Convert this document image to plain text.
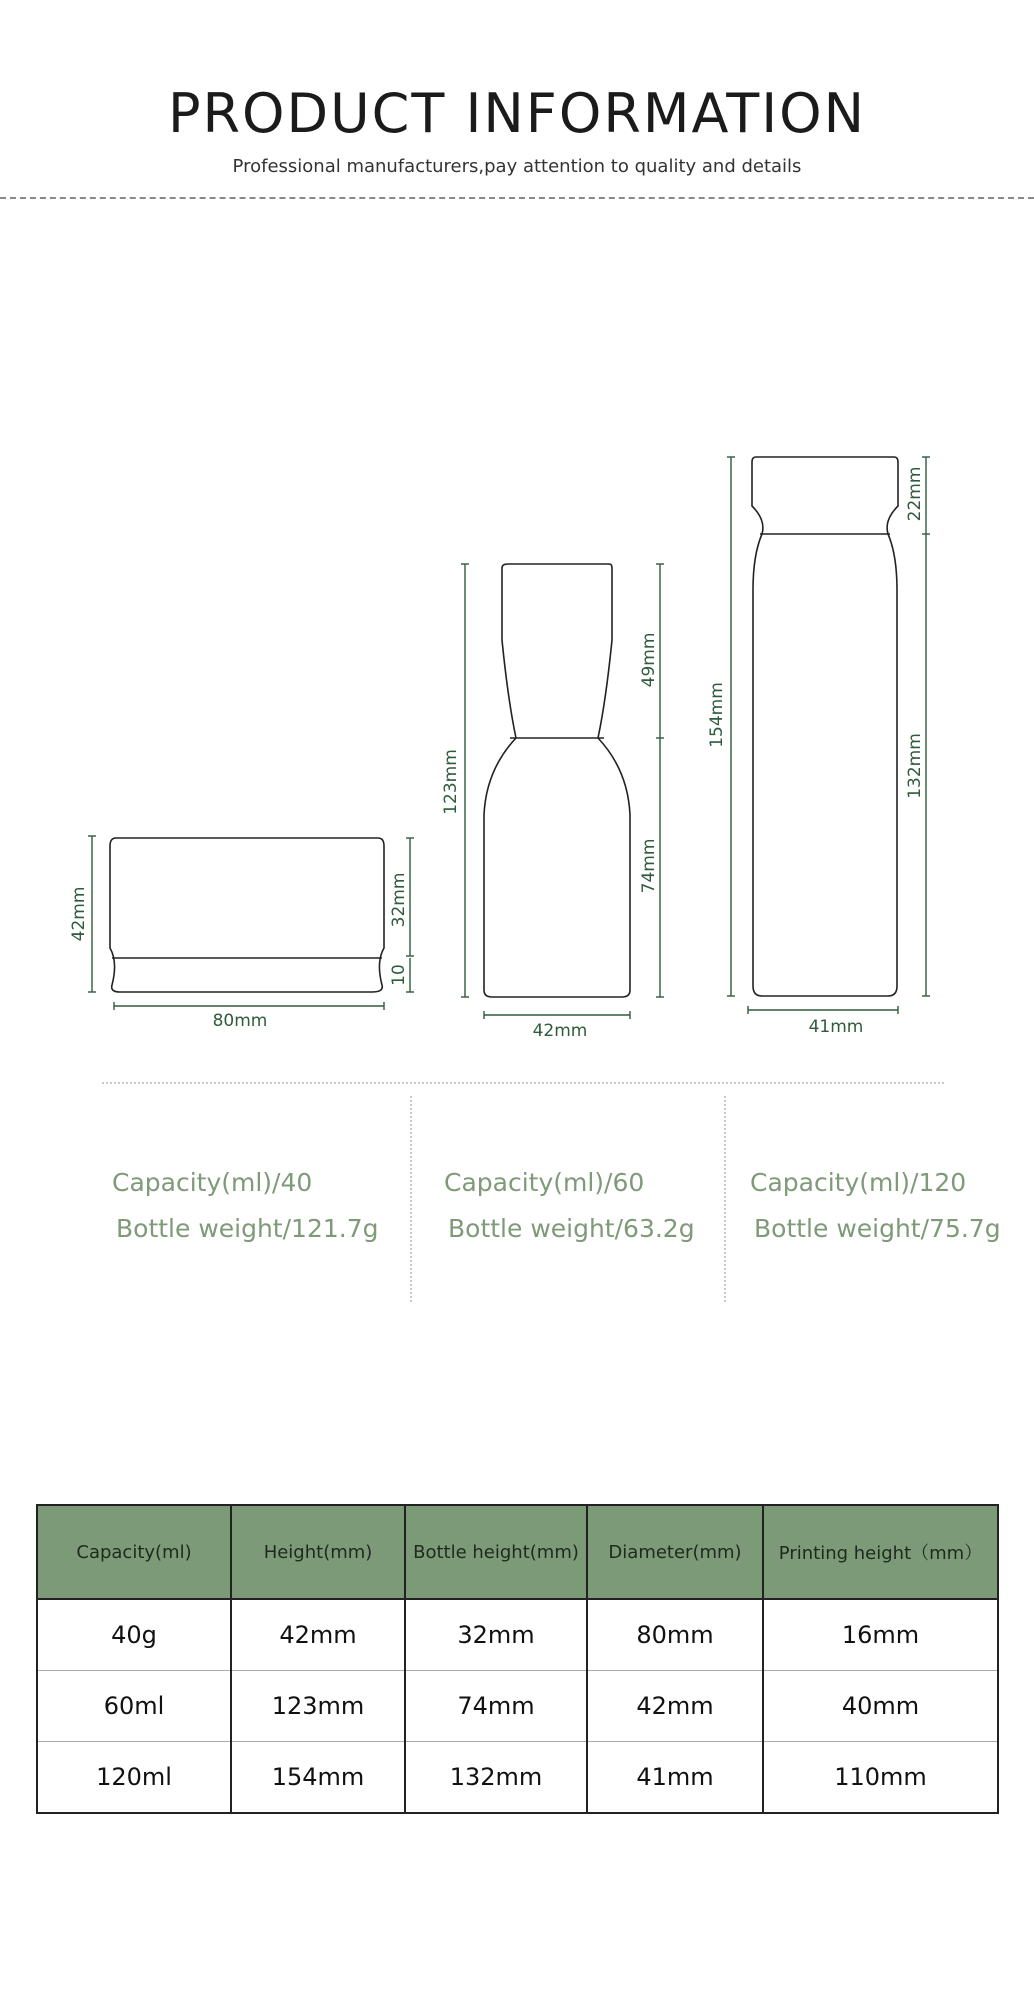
PRODUCT INFORMATION
Professional manufacturers,pay attention to quality and details
42mm	32mm
10
80mm
123mm
49mm
74mm
42mm
154mm
22mm
132mm
41mm
Capacity(ml)/40
Bottle weight/121.7g
Capacity(ml)/60
Bottle weight/63.2g
Capacity(ml)/120
Bottle weight/75.7g
Capacity(ml)	Height(mm)	Bottle height(mm)	Diameter(mm)	Printing height（mm）
40g	42mm	32mm	80mm	16mm
60ml	123mm	74mm	42mm	40mm
120ml	154mm	132mm	41mm	110mm
